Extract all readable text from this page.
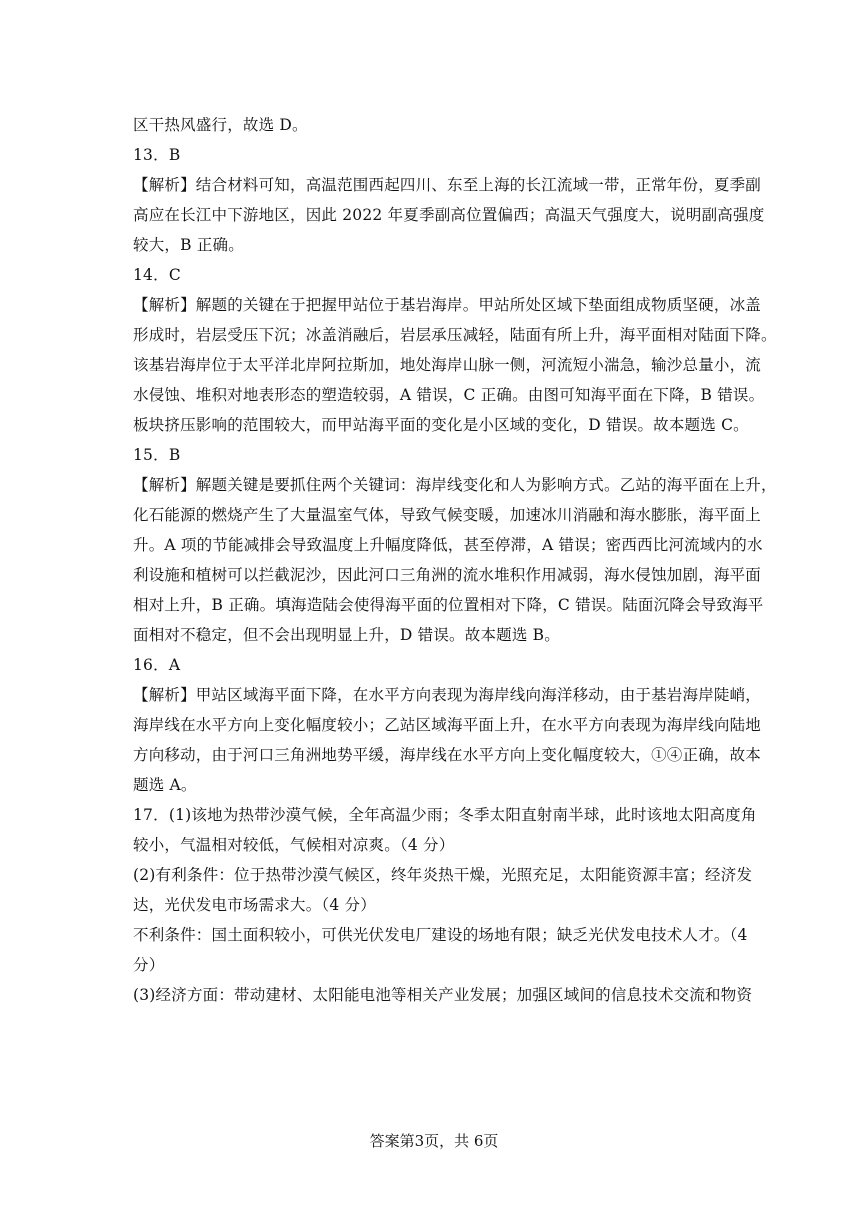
区干热风盛行，故选 D。
13．B
【解析】结合材料可知，高温范围西起四川、东至上海的长江流域一带，正常年份，夏季副
高应在长江中下游地区，因此 2022 年夏季副高位置偏西；高温天气强度大，说明副高强度
较大，B 正确。
14．C
【解析】解题的关键在于把握甲站位于基岩海岸。甲站所处区域下垫面组成物质坚硬，冰盖
形成时，岩层受压下沉；冰盖消融后，岩层承压减轻，陆面有所上升，海平面相对陆面下降。
该基岩海岸位于太平洋北岸阿拉斯加，地处海岸山脉一侧，河流短小湍急，输沙总量小，流
水侵蚀、堆积对地表形态的塑造较弱，A 错误，C 正确。由图可知海平面在下降，B 错误。
板块挤压影响的范围较大，而甲站海平面的变化是小区域的变化，D 错误。故本题选 C。
15．B
【解析】解题关键是要抓住两个关键词：海岸线变化和人为影响方式。乙站的海平面在上升，
化石能源的燃烧产生了大量温室气体，导致气候变暖，加速冰川消融和海水膨胀，海平面上
升。A 项的节能减排会导致温度上升幅度降低，甚至停滞，A 错误；密西西比河流域内的水
利设施和植树可以拦截泥沙，因此河口三角洲的流水堆积作用减弱，海水侵蚀加剧，海平面
相对上升，B 正确。填海造陆会使得海平面的位置相对下降，C 错误。陆面沉降会导致海平
面相对不稳定，但不会出现明显上升，D 错误。故本题选 B。
16．A
【解析】甲站区域海平面下降，在水平方向表现为海岸线向海洋移动，由于基岩海岸陡峭，
海岸线在水平方向上变化幅度较小；乙站区域海平面上升，在水平方向表现为海岸线向陆地
方向移动，由于河口三角洲地势平缓，海岸线在水平方向上变化幅度较大，①④正确，故本
题选 A。
17．(1)该地为热带沙漠气候，全年高温少雨；冬季太阳直射南半球，此时该地太阳高度角
较小，气温相对较低，气候相对凉爽。（4 分）
(2)有利条件：位于热带沙漠气候区，终年炎热干燥，光照充足，太阳能资源丰富；经济发
达，光伏发电市场需求大。（4 分）
不利条件：国土面积较小，可供光伏发电厂建设的场地有限；缺乏光伏发电技术人才。（4
分）
(3)经济方面：带动建材、太阳能电池等相关产业发展；加强区域间的信息技术交流和物资
答案第3页，共 6页
